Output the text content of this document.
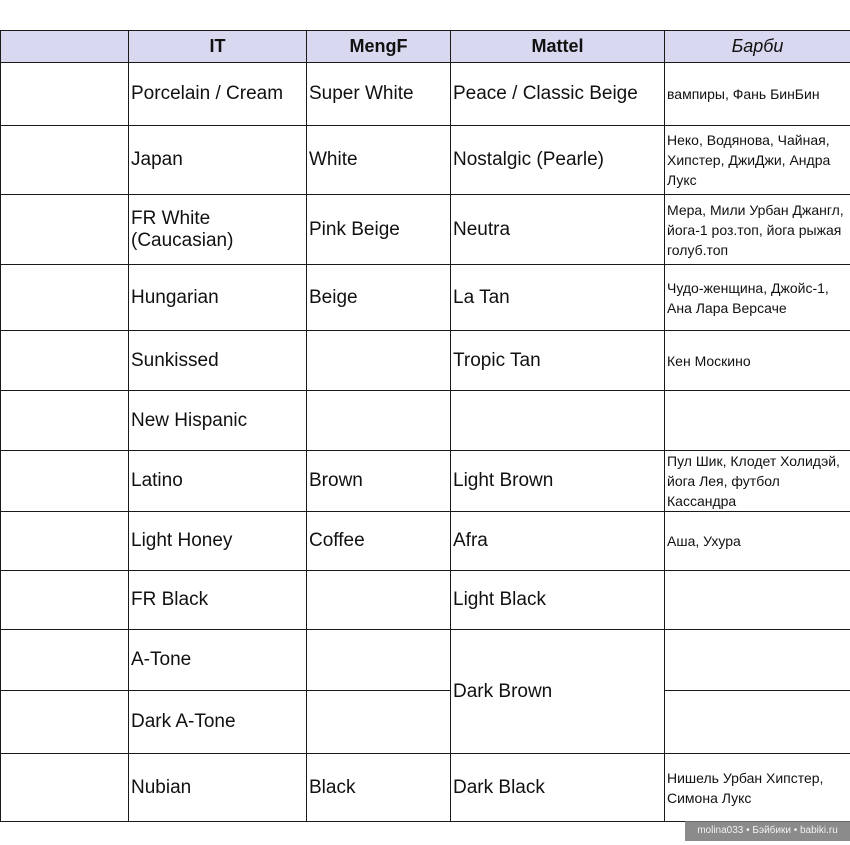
	IT	MengF	Mattel	Барби

	Porcelain / Cream	Super White	Peace / Classic Beige	вампиры, Фань БинБин

	Japan	White	Nostalgic (Pearle)	Неко, Водянова, Чайная, Хипстер, ДжиДжи, Андра Лукс

	FR White (Caucasian)	Pink Beige	Neutra	Мера, Мили Урбан Джангл, йога-1 роз.топ, йога рыжая голуб.топ

	Hungarian	Beige	La Tan	Чудо-женщина, Джойс-1, Ана Лара Версаче

	Sunkissed		Tropic Tan	Кен Москино

	New Hispanic			

	Latino	Brown	Light Brown	Пул Шик, Клодет Холидэй, йога Лея, футбол Кассандра

	Light Honey	Coffee	Afra	Аша, Ухура

	FR Black		Light Black	

	A-Tone		Dark Brown	

	Dark A-Tone			

	Nubian	Black	Dark Black	Нишель Урбан Хипстер, Симона Лукс
molina033 • Бэйбики • babiki.ru
